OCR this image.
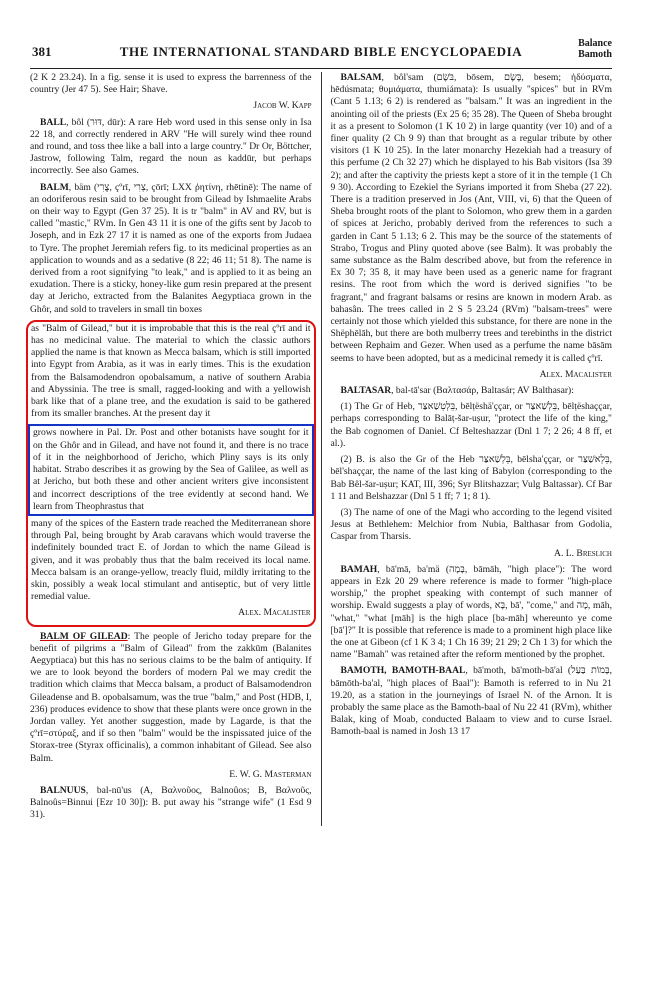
381	THE INTERNATIONAL STANDARD BIBLE ENCYCLOPAEDIA
Balance
Bamoth

(2 K 2 23.24). In a fig. sense it is used to express the barrenness of the country (Jer 47 5). See Hair; Shave.

Jacob W. Kapp

BALL, bôl (דּוּר, dūr): A rare Heb word used in this sense only in Isa 22 18, and correctly rendered in ARV "He will surely wind thee round and round, and toss thee like a ball into a large country." Dr Or, Böttcher, Jastrow, following Talm, regard the noun as kaddūr, but perhaps incorrectly. See also Games.

BALM, bäm (צֳרִי, çºrī, צְרִי, çōrī; LXX ῥητίνη, rhētinē): The name of an odoriferous resin said to be brought from Gilead by Ishmaelite Arabs on their way to Egypt (Gen 37 25). It is tr "balm" in AV and RV, but is called "mastic," RVm. In Gen 43 11 it is one of the gifts sent by Jacob to Joseph, and in Ezk 27 17 it is named as one of the exports from Judaea to Tyre. The prophet Jeremiah refers fig. to its medicinal properties as an application to wounds and as a sedative (8 22; 46 11; 51 8). The name is derived from a root signifying "to leak," and is applied to it as being an exudation. There is a sticky, honey-like gum resin prepared at the present day at Jericho, extracted from the Balanites Aegyptiaca grown in the Ghôr, and sold to travelers in small tin boxes

as "Balm of Gilead," but it is improbable that this is the real çºrī and it has no medicinal value. The material to which the classic authors applied the name is that known as Mecca balsam, which is still imported into Egypt from Arabia, as it was in early times. This is the exudation from the Balsamodendron opobalsamum, a native of southern Arabia and Abyssinia. The tree is small, ragged-looking and with a yellowish bark like that of a plane tree, and the exudation is said to be gathered from its smaller branches. At the present day it

grows nowhere in Pal. Dr. Post and other botanists have sought for it on the Ghôr and in Gilead, and have not found it, and there is no trace of it in the neighborhood of Jericho, which Pliny says is its only habitat. Strabo describes it as growing by the Sea of Galilee, as well as at Jericho, but both these and other ancient writers give inconsistent and incorrect descriptions of the tree evidently at second hand. We learn from Theophrastus that

many of the spices of the Eastern trade reached the Mediterranean shore through Pal, being brought by Arab caravans which would traverse the indefinitely bounded tract E. of Jordan to which the name Gilead is given, and it was probably thus that the balm received its local name. Mecca balsam is an orange-yellow, treacly fluid, mildly irritating to the skin, possibly a weak local stimulant and antiseptic, but of very little remedial value.

Alex. Macalister

BALM OF GILEAD: The people of Jericho today prepare for the benefit of pilgrims a "Balm of Gilead" from the zakkūm (Balanites Aegyptiaca) but this has no serious claims to be the balm of antiquity. If we are to look beyond the borders of modern Pal we may credit the tradition which claims that Mecca balsam, a product of Balsamodendron Gileadense and B. opobalsamum, was the true "balm," and Post (HDB, I, 236) produces evidence to show that these plants were once grown in the Jordan valley. Yet another suggestion, made by Lagarde, is that the çºrī=στύραξ, and if so then "balm" would be the inspissated juice of the Storax-tree (Styrax officinalis), a common inhabitant of Gilead. See also Balm.

E. W. G. Masterman

BALNUUS, bal-nū'us (A, Βαλνοῦος, Balnoûos; B, Βαλνοῦς, Balnoûs=Binnui [Ezr 10 30]): B. put away his "strange wife" (1 Esd 9 31).

BALSAM, bôl'sam (בֹּשֶׂם, bōsem, בֶּשֶׂם, besem; ἡδύσματα, hēdúsmata; θυμιάματα, thumiámata): Is usually "spices" but in RVm (Cant 5 1.13; 6 2) is rendered as "balsam." It was an ingredient in the anointing oil of the priests (Ex 25 6; 35 28). The Queen of Sheba brought it as a present to Solomon (1 K 10 2) in large quantity (ver 10) and of a finer quality (2 Ch 9 9) than that brought as a regular tribute by other visitors (1 K 10 25). In the later monarchy Hezekiah had a treasury of this perfume (2 Ch 32 27) which he displayed to his Bab visitors (Isa 39 2); and after the captivity the priests kept a store of it in the temple (1 Ch 9 30). According to Ezekiel the Syrians imported it from Sheba (27 22). There is a tradition preserved in Jos (Ant, VIII, vi, 6) that the Queen of Sheba brought roots of the plant to Solomon, who grew them in a garden of spices at Jericho, probably derived from the references to such a garden in Cant 5 1.13; 6 2. This may be the source of the statements of Strabo, Trogus and Pliny quoted above (see Balm). It was probably the same substance as the Balm described above, but from the reference in Ex 30 7; 35 8, it may have been used as a generic name for fragrant resins. The root from which the word is derived signifies "to be fragrant," and fragrant balsams or resins are known in modern Arab. as bahasân. The trees called in 2 S 5 23.24 (RVm) "balsam-trees" were certainly not those which yielded this substance, for there are none in the Shëphēlāh, but there are both mulberry trees and terebinths in the district between Rephaim and Gezer. When used as a perfume the name bāsām seems to have been adopted, but as a medicinal remedy it is called çºrī.

Alex. Macalister

BALTASAR, bal-tā'sar (Βαλτασάρ, Baltasár; AV Balthasar):

(1) The Gr of Heb, בֵּלְטְשַׁאצַּר, bēlṭëshä'ççar, or בֵּלְשַׁאצַּר, bēlṭëshaççar, perhaps corresponding to Balāṭ-šar-uṣur, "protect the life of the king," the Bab cognomen of Daniel. Cf Belteshazzar (Dnl 1 7; 2 26; 4 8 ff, et al.).

(2) B. is also the Gr of the Heb בֵּלְשַׁאצַּר, bēlsha'ççar, or בֵּלְאשַׁצַּר, bēl'shaççar, the name of the last king of Babylon (corresponding to the Bab Bêl-šar-uṣur; KAT, III, 396; Syr Blitshazzar; Vulg Baltassar). Cf Bar 1 11 and Belshazzar (Dnl 5 1 ff; 7 1; 8 1).

(3) The name of one of the Magi who according to the legend visited Jesus at Bethlehem: Melchior from Nubia, Balthasar from Godolia, Caspar from Tharsis.

A. L. Breslich

BAMAH, bā'mā, ba'mä (בָּמָה, bāmāh, "high place"): The word appears in Ezk 20 29 where reference is made to former "high-place worship," the prophet speaking with contempt of such manner of worship. Ewald suggests a play of words, בָּא, bā', "come," and מָה, māh, "what," "what [māh] is the high place [ba-māh] whereunto ye come [bā']?" It is possible that reference is made to a prominent high place like the one at Gibeon (cf 1 K 3 4; 1 Ch 16 39; 21 29; 2 Ch 1 3) for which the name "Bamah" was retained after the reform mentioned by the prophet.

BAMOTH, BAMOTH-BAAL, bā'moth, bā'moth-bā'al (בָּמוֹת בַּעַל, bāmōth-ba'al, "high places of Baal"): Bamoth is referred to in Nu 21 19.20, as a station in the journeyings of Israel N. of the Arnon. It is probably the same place as the Bamoth-baal of Nu 22 41 (RVm), whither Balak, king of Moab, conducted Balaam to view and to curse Israel. Bamoth-baal is named in Josh 13 17
